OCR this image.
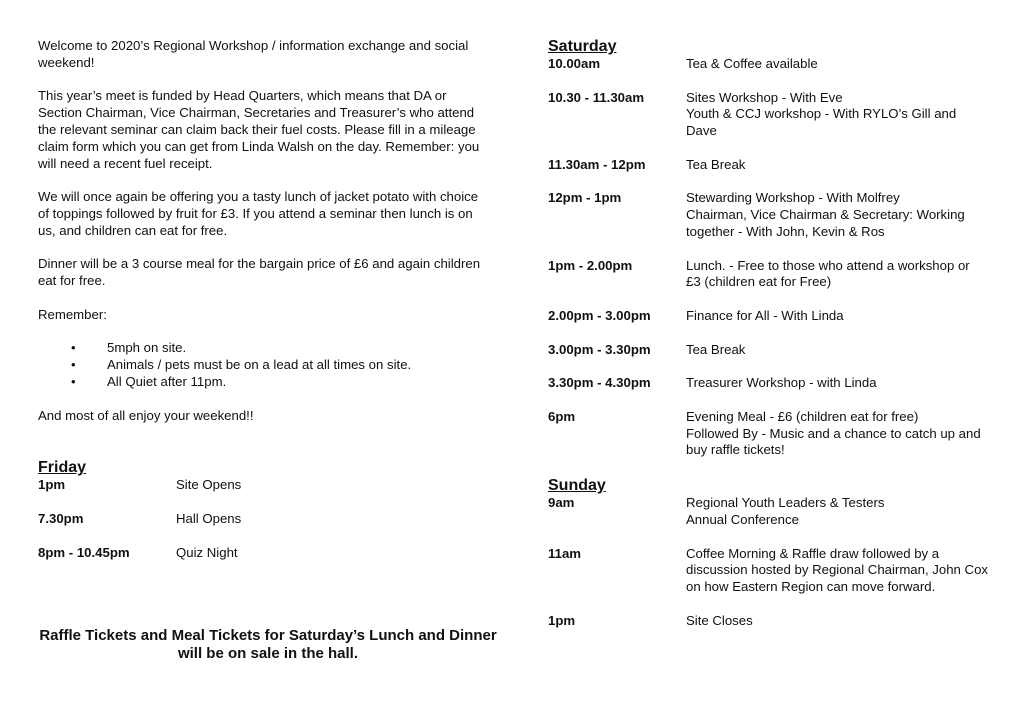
Welcome to 2020’s Regional Workshop / information exchange and social weekend!

This year’s meet is funded by Head Quarters, which means that DA or Section Chairman, Vice Chairman, Secretaries and Treasurer’s who attend the relevant seminar can claim back their fuel costs. Please fill in a mileage claim form which you can get from Linda Walsh on the day. Remember: you will need a recent fuel receipt.

We will once again be offering you a tasty lunch of jacket potato with choice of toppings followed by fruit for £3. If you attend a seminar then lunch is on us, and children can eat for free.

Dinner will be a 3 course meal for the bargain price of £6 and again children eat for free.

Remember:

• 5mph on site.
• Animals / pets must be on a lead at all times on site.
• All Quiet after 11pm.

And most of all enjoy your weekend!!

Friday
1pm	Site Opens
7.30pm	Hall Opens
8pm - 10.45pm	Quiz Night

Raffle Tickets and Meal Tickets for Saturday’s Lunch and Dinner will be on sale in the hall.

Saturday
10.00am	Tea & Coffee available
10.30 - 11.30am	Sites Workshop - With Eve
Youth & CCJ workshop - With RYLO’s Gill and Dave
11.30am - 12pm	Tea Break
12pm - 1pm	Stewarding Workshop - With Molfrey
Chairman, Vice Chairman & Secretary: Working together - With John, Kevin & Ros
1pm - 2.00pm	Lunch. - Free to those who attend a workshop or £3 (children eat for Free)
2.00pm - 3.00pm	Finance for All - With Linda
3.00pm - 3.30pm	Tea Break
3.30pm - 4.30pm	Treasurer Workshop - with Linda
6pm	Evening Meal - £6 (children eat for free)
Followed By - Music and a chance to catch up and buy raffle tickets!
Sunday
9am	Regional Youth Leaders & Testers
Annual Conference
11am	Coffee Morning & Raffle draw followed by a discussion hosted by Regional Chairman, John Cox on how Eastern Region can move forward.
1pm	Site Closes
